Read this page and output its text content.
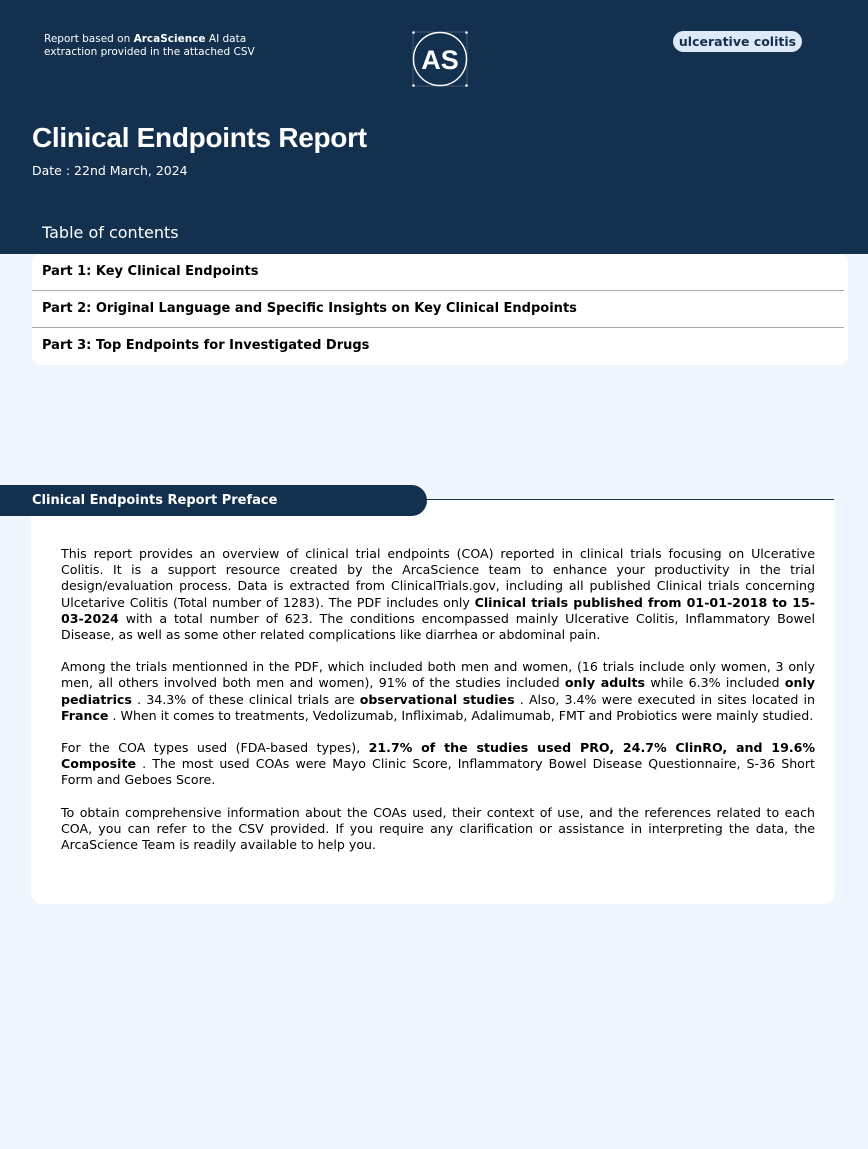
Report based on ArcaScience AI data extraction provided in the attached CSV	AS
ulcerative colitis
Clinical Endpoints Report
Date : 22nd March, 2024
Table of contents
Part 1: Key Clinical Endpoints
Part 2: Original Language and Specific Insights on Key Clinical Endpoints
Part 3: Top Endpoints for Investigated Drugs
Clinical Endpoints Report Preface

This report provides an overview of clinical trial endpoints (COA) reported in clinical trials focusing on Ulcerative Colitis. It is a support resource created by the ArcaScience team to enhance your productivity in the trial design/evaluation process. Data is extracted from ClinicalTrials.gov, including all published Clinical trials concerning Ulcetarive Colitis (Total number of 1283). The PDF includes only Clinical trials published from 01-01-2018 to 15-03-2024 with a total number of 623. The conditions encompassed mainly Ulcerative Colitis, Inflammatory Bowel Disease, as well as some other related complications like diarrhea or abdominal pain.

Among the trials mentionned in the PDF, which included both men and women, (16 trials include only women, 3 only men, all others involved both men and women), 91% of the studies included only adults while 6.3% included only pediatrics . 34.3% of these clinical trials are observational studies . Also, 3.4% were executed in sites located in France . When it comes to treatments, Vedolizumab, Infliximab, Adalimumab, FMT and Probiotics were mainly studied.

For the COA types used (FDA-based types), 21.7% of the studies used PRO, 24.7% ClinRO, and 19.6% Composite . The most used COAs were Mayo Clinic Score, Inflammatory Bowel Disease Questionnaire, S-36 Short Form and Geboes Score.

To obtain comprehensive information about the COAs used, their context of use, and the references related to each COA, you can refer to the CSV provided. If you require any clarification or assistance in interpreting the data, the ArcaScience Team is readily available to help you.
